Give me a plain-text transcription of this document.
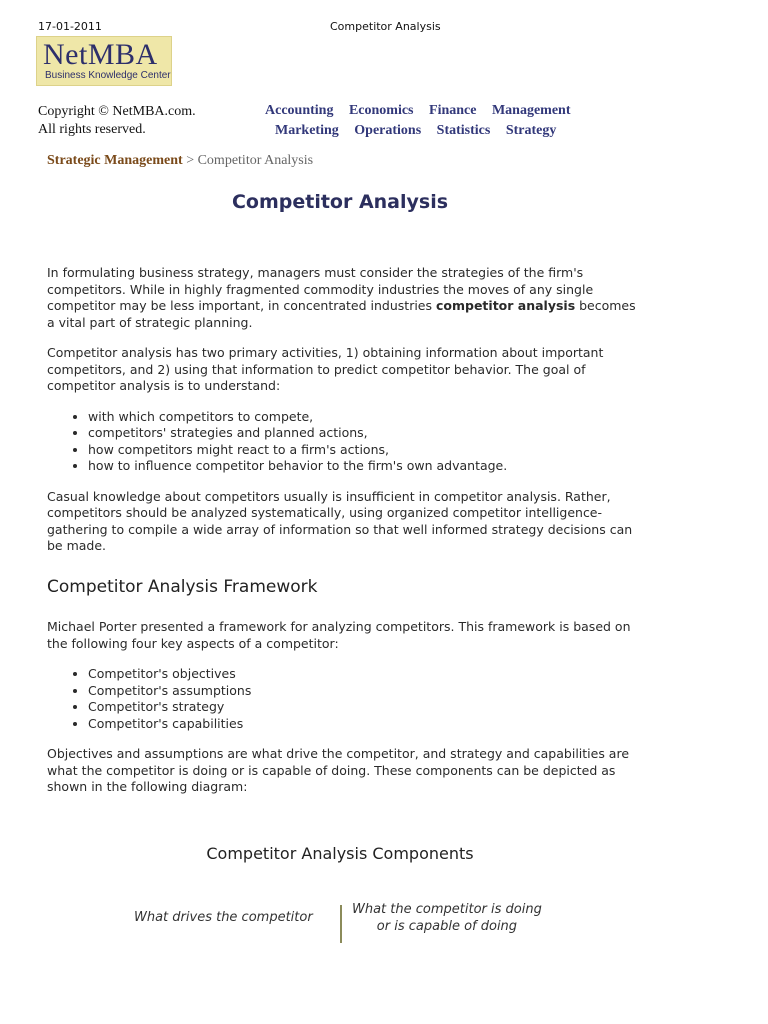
17-01-2011	Competitor Analysis
NetMBA
Business Knowledge Center
Copyright © NetMBA.com.
All rights reserved.
Accounting Economics Finance Management
Marketing Operations Statistics Strategy
Strategic Management > Competitor Analysis
Competitor Analysis

In formulating business strategy, managers must consider the strategies of the firm's competitors. While in highly fragmented commodity industries the moves of any single competitor may be less important, in concentrated industries competitor analysis becomes a vital part of strategic planning.

Competitor analysis has two primary activities, 1) obtaining information about important competitors, and 2) using that information to predict competitor behavior. The goal of competitor analysis is to understand:

• with which competitors to compete,
• competitors' strategies and planned actions,
• how competitors might react to a firm's actions,
• how to influence competitor behavior to the firm's own advantage.

Casual knowledge about competitors usually is insufficient in competitor analysis. Rather, competitors should be analyzed systematically, using organized competitor intelligence-gathering to compile a wide array of information so that well informed strategy decisions can be made.

Competitor Analysis Framework

Michael Porter presented a framework for analyzing competitors. This framework is based on the following four key aspects of a competitor:

• Competitor's objectives
• Competitor's assumptions
• Competitor's strategy
• Competitor's capabilities

Objectives and assumptions are what drive the competitor, and strategy and capabilities are what the competitor is doing or is capable of doing. These components can be depicted as shown in the following diagram:

Competitor Analysis Components
What drives the competitor
What the competitor is doing
or is capable of doing
